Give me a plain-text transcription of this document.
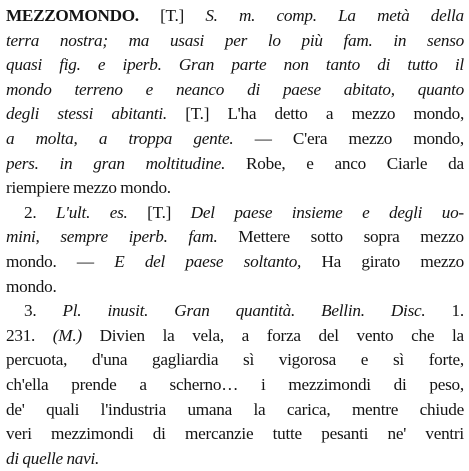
MEZZOMONDO. [T.] S. m. comp. La metà della
terra nostra; ma usasi per lo più fam. in senso
quasi fig. e iperb. Gran parte non tanto di tutto il
mondo terreno e neanco di paese abitato, quanto
degli stessi abitanti. [T.] L'ha detto a mezzo mondo,
a molta, a troppa gente. — C'era mezzo mondo,
pers. in gran moltitudine. Robe, e anco Ciarle da
riempiere mezzo mondo.
2. L'ult. es. [T.] Del paese insieme e degli uo-
mini, sempre iperb. fam. Mettere sotto sopra mezzo
mondo. — E del paese soltanto, Ha girato mezzo
mondo.
3. Pl. inusit. Gran quantità. Bellin. Disc. 1.
231. (M.) Divien la vela, a forza del vento che la
percuota, d'una gagliardia sì vigorosa e sì forte,
ch'ella prende a scherno… i mezzimondi di peso,
de' quali l'industria umana la carica, mentre chiude
veri mezzimondi di mercanzie tutte pesanti ne' ventri
di quelle navi.
